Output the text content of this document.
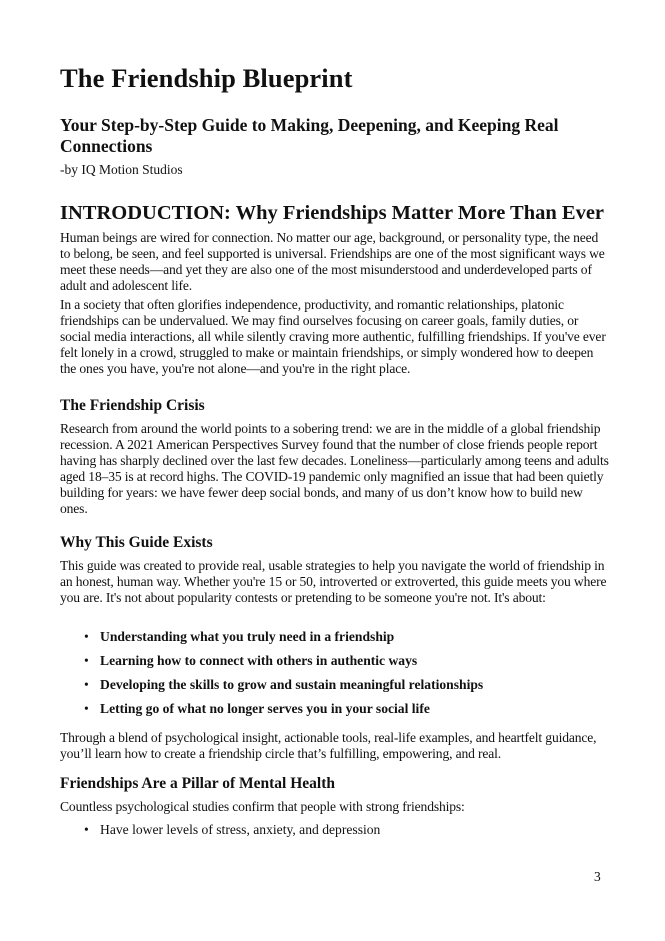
The Friendship Blueprint
Your Step-by-Step Guide to Making, Deepening, and Keeping Real Connections

-by IQ Motion Studios

INTRODUCTION: Why Friendships Matter More Than Ever

Human beings are wired for connection. No matter our age, background, or personality type, the need to belong, be seen, and feel supported is universal. Friendships are one of the most significant ways we meet these needs—and yet they are also one of the most misunderstood and underdeveloped parts of adult and adolescent life.

In a society that often glorifies independence, productivity, and romantic relationships, platonic friendships can be undervalued. We may find ourselves focusing on career goals, family duties, or social media interactions, all while silently craving more authentic, fulfilling friendships. If you've ever felt lonely in a crowd, struggled to make or maintain friendships, or simply wondered how to deepen the ones you have, you're not alone—and you're in the right place.

The Friendship Crisis

Research from around the world points to a sobering trend: we are in the middle of a global friendship recession. A 2021 American Perspectives Survey found that the number of close friends people report having has sharply declined over the last few decades. Loneliness—particularly among teens and adults aged 18–35 is at record highs. The COVID-19 pandemic only magnified an issue that had been quietly building for years: we have fewer deep social bonds, and many of us don’t know how to build new ones.

Why This Guide Exists

This guide was created to provide real, usable strategies to help you navigate the world of friendship in an honest, human way. Whether you're 15 or 50, introverted or extroverted, this guide meets you where you are. It's not about popularity contests or pretending to be someone you're not. It's about:

• Understanding what you truly need in a friendship
• Learning how to connect with others in authentic ways
• Developing the skills to grow and sustain meaningful relationships
• Letting go of what no longer serves you in your social life

Through a blend of psychological insight, actionable tools, real-life examples, and heartfelt guidance, you’ll learn how to create a friendship circle that’s fulfilling, empowering, and real.

Friendships Are a Pillar of Mental Health

Countless psychological studies confirm that people with strong friendships:

• Have lower levels of stress, anxiety, and depression
3
